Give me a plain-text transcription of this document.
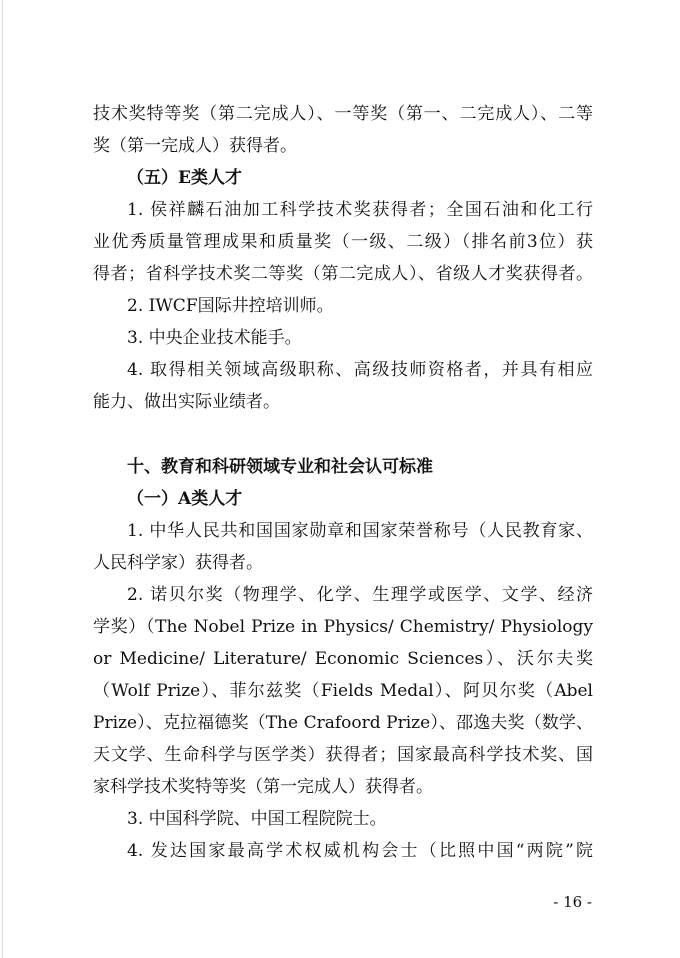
技术奖特等奖（第二完成人）、一等奖（第一、二完成人）、二等
奖（第一完成人）获得者。
（五）E类人才
1. 侯祥麟石油加工科学技术奖获得者；全国石油和化工行
业优秀质量管理成果和质量奖（一级、二级）（排名前3位）获
得者；省科学技术奖二等奖（第二完成人）、省级人才奖获得者。
2. IWCF国际井控培训师。
3. 中央企业技术能手。
4. 取得相关领域高级职称、高级技师资格者，并具有相应
能力、做出实际业绩者。
十、教育和科研领域专业和社会认可标准
（一）A类人才
1. 中华人民共和国国家勋章和国家荣誉称号（人民教育家、
人民科学家）获得者。
2. 诺贝尔奖（物理学、化学、生理学或医学、文学、经济
学奖）（The Nobel Prize in Physics/ Chemistry/ Physiology
or Medicine/ Literature/ Economic Sciences）、沃尔夫奖
（Wolf Prize）、菲尔兹奖（Fields Medal）、阿贝尔奖（Abel
Prize）、克拉福德奖（The Crafoord Prize）、邵逸夫奖（数学、
天文学、生命科学与医学类）获得者；国家最高科学技术奖、国
家科学技术奖特等奖（第一完成人）获得者。
3. 中国科学院、中国工程院院士。
4. 发达国家最高学术权威机构会士（比照中国“两院”院
- 16 -
